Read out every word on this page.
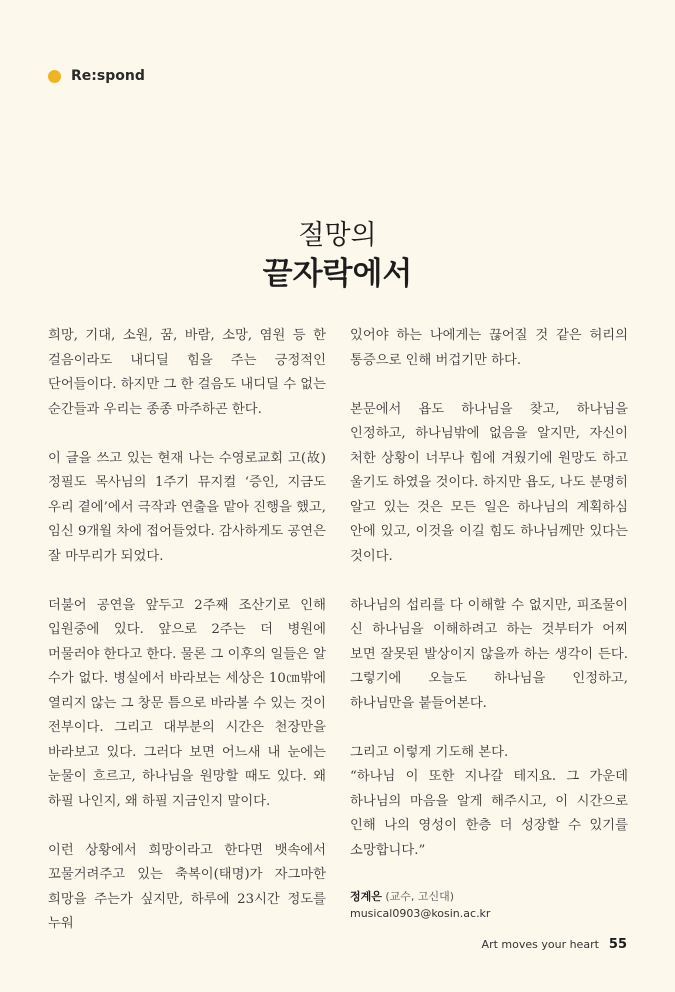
Re:spond
절망의
끝자락에서

희망, 기대, 소원, 꿈, 바람, 소망, 염원 등 한 걸음이라도 내디딜 힘을 주는 긍정적인 단어들이다. 하지만 그 한 걸음도 내디딜 수 없는 순간들과 우리는 종종 마주하곤 한다.

이 글을 쓰고 있는 현재 나는 수영로교회 고(故) 정필도 목사님의 1주기 뮤지컬 ‘증인, 지금도 우리 곁에’에서 극작과 연출을 맡아 진행을 했고, 임신 9개월 차에 접어들었다. 감사하게도 공연은 잘 마무리가 되었다.

더불어 공연을 앞두고 2주째 조산기로 인해 입원중에 있다. 앞으로 2주는 더 병원에 머물러야 한다고 한다. 물론 그 이후의 일들은 알 수가 없다. 병실에서 바라보는 세상은 10㎝밖에 열리지 않는 그 창문 틈으로 바라볼 수 있는 것이 전부이다. 그리고 대부분의 시간은 천장만을 바라보고 있다. 그러다 보면 어느새 내 눈에는 눈물이 흐르고, 하나님을 원망할 때도 있다. 왜 하필 나인지, 왜 하필 지금인지 말이다.

이런 상황에서 희망이라고 한다면 뱃속에서 꼬물거려주고 있는 축복이(태명)가 자그마한 희망을 주는가 싶지만, 하루에 23시간 정도를 누워

있어야 하는 나에게는 끊어질 것 같은 허리의 통증으로 인해 버겁기만 하다.

본문에서 욥도 하나님을 찾고, 하나님을 인정하고, 하나님밖에 없음을 알지만, 자신이 처한 상황이 너무나 힘에 겨웠기에 원망도 하고 울기도 하였을 것이다. 하지만 욥도, 나도 분명히 알고 있는 것은 모든 일은 하나님의 계획하심 안에 있고, 이것을 이길 힘도 하나님께만 있다는 것이다.

하나님의 섭리를 다 이해할 수 없지만, 피조물이 신 하나님을 이해하려고 하는 것부터가 어찌 보면 잘못된 발상이지 않을까 하는 생각이 든다. 그렇기에 오늘도 하나님을 인정하고, 하나님만을 붙들어본다.

그리고 이렇게 기도해 본다.
“하나님 이 또한 지나갈 테지요. 그 가운데 하나님의 마음을 알게 해주시고, 이 시간으로 인해 나의 영성이 한층 더 성장할 수 있기를 소망합니다.”

정계은 (교수, 고신대)
musical0903@kosin.ac.kr
Art moves your heart 55
